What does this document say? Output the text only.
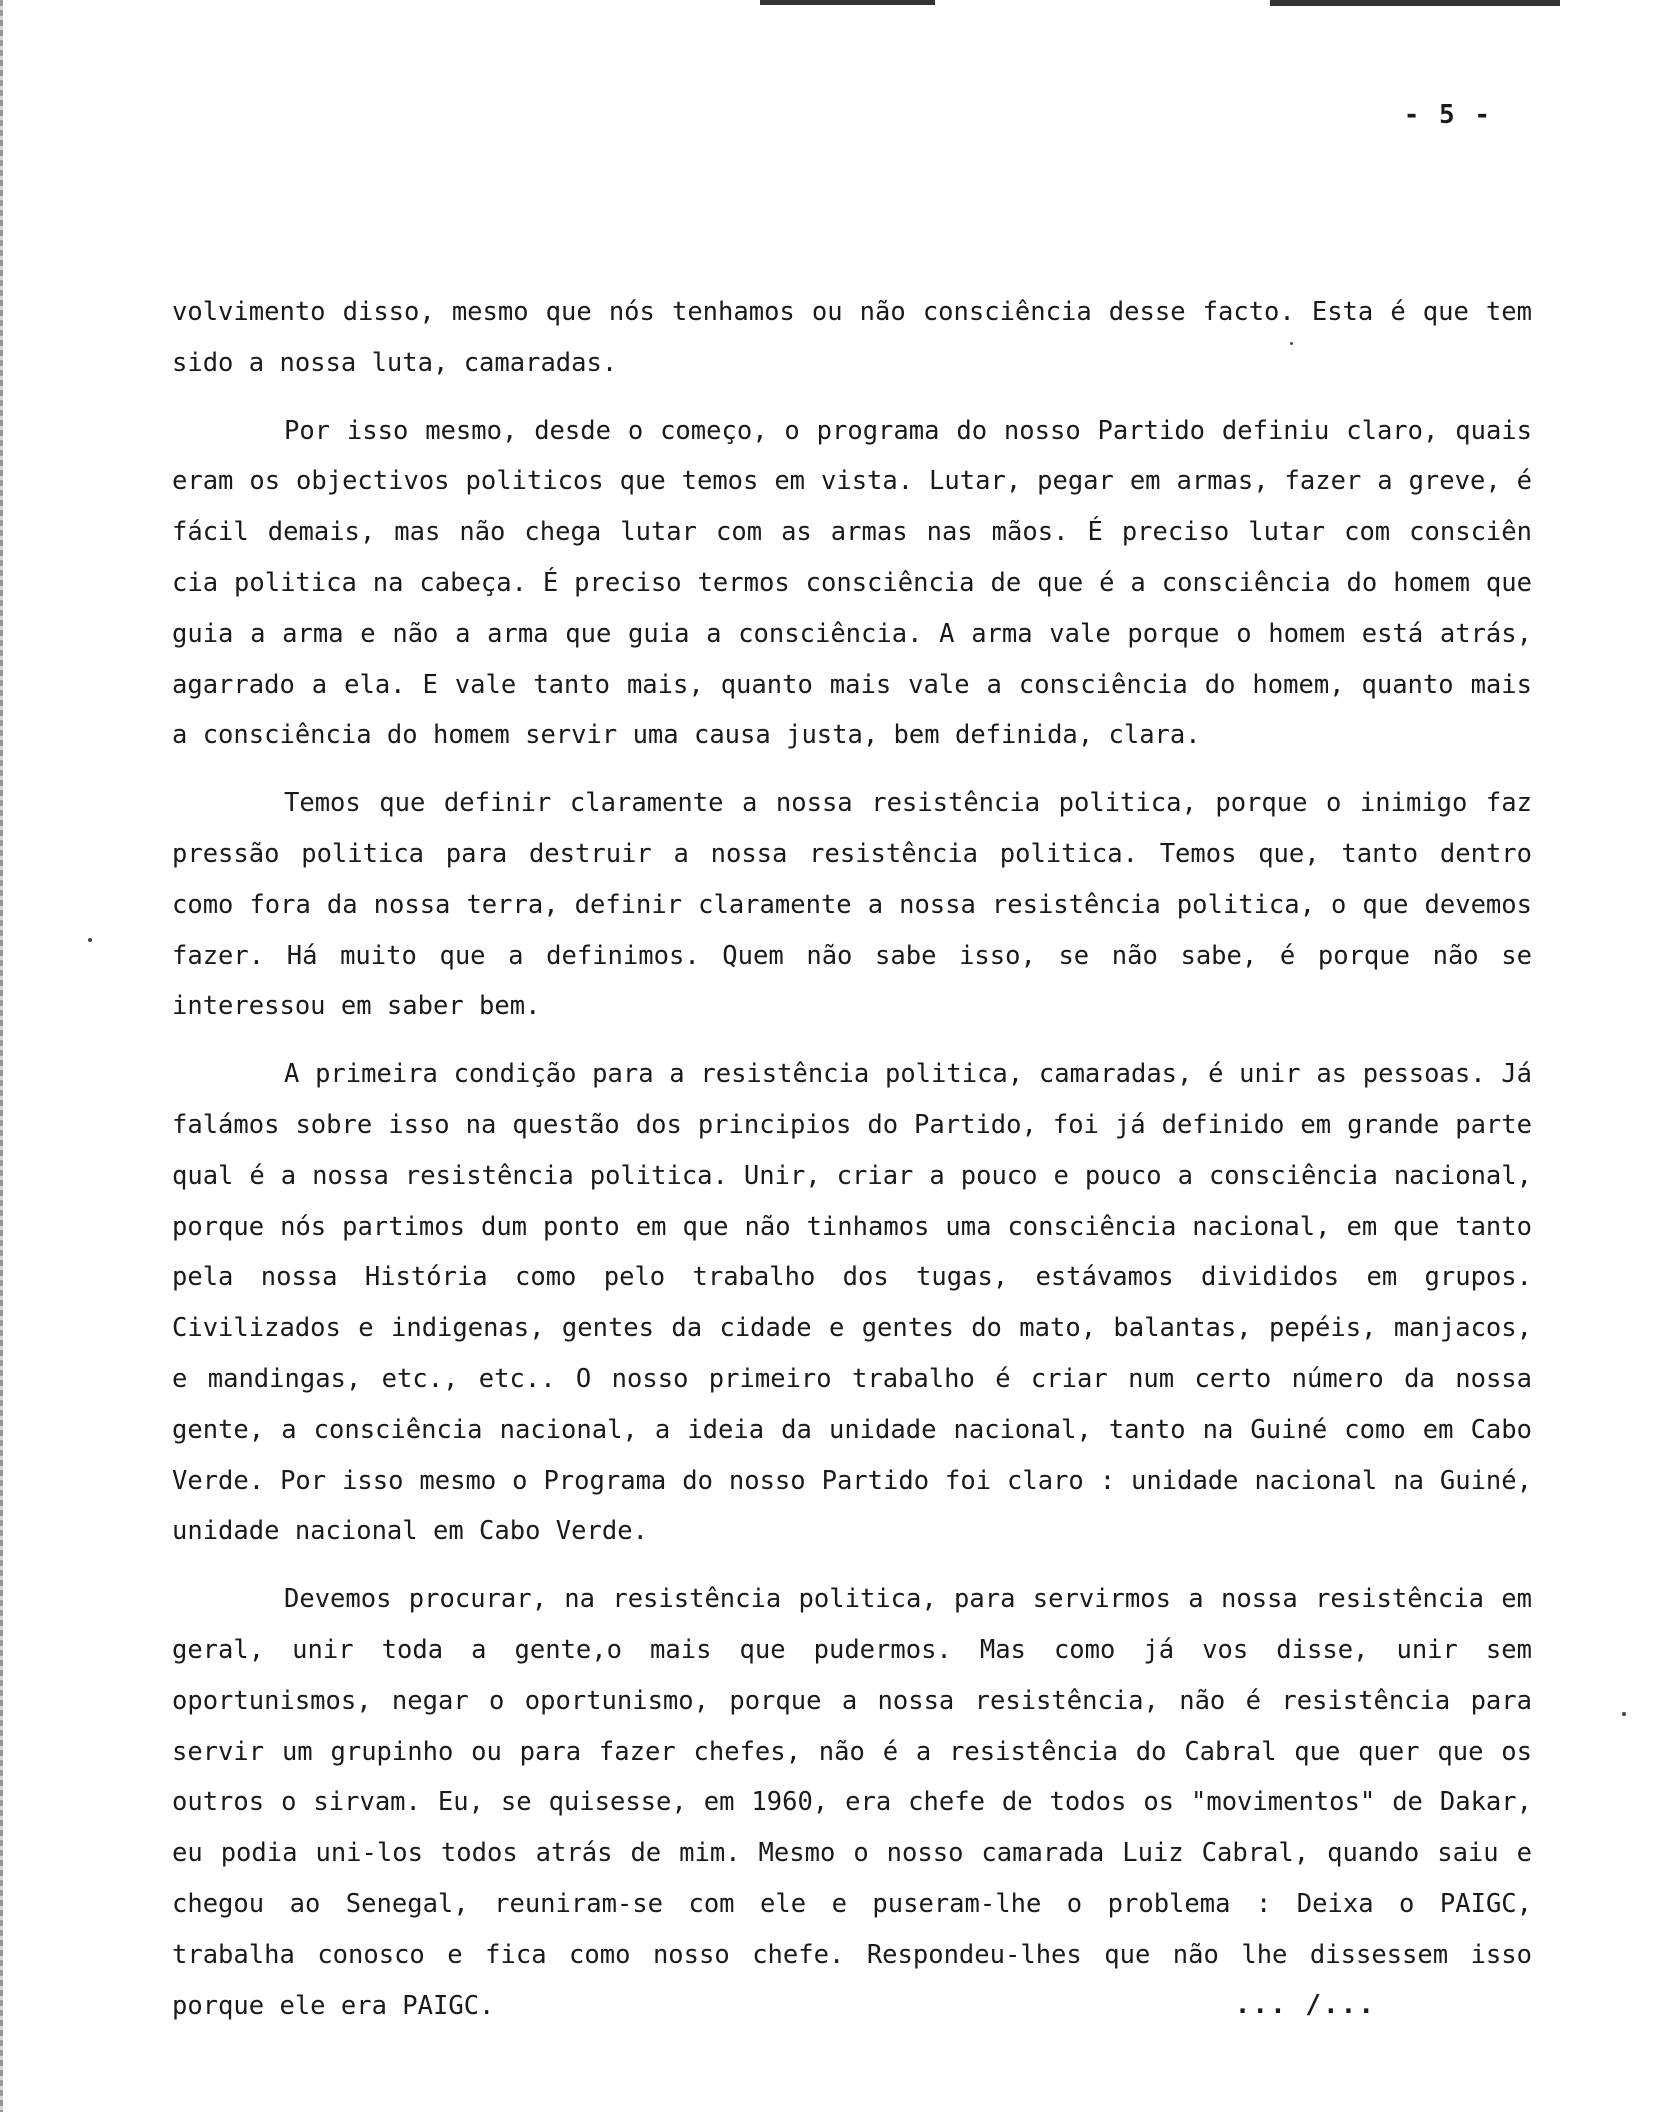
- 5 -

volvimento disso, mesmo que nós tenhamos ou não consciência desse facto. Esta é que tem sido a nossa luta, camaradas.

Por isso mesmo, desde o começo, o programa do nosso Partido definiu claro, quais eram os objectivos politicos que temos em vista. Lutar, pegar em armas, fazer a greve, é fácil demais, mas não chega lutar com as armas nas mãos. É preciso lutar com consciên cia politica na cabeça. É preciso termos consciência de que é a consciência do homem que guia a arma e não a arma que guia a consciência. A arma vale porque o homem está atrás, agarrado a ela. E vale tanto mais, quanto mais vale a consciência do homem, quanto mais a consciência do homem servir uma causa justa, bem definida, clara.

Temos que definir claramente a nossa resistência politica, porque o inimigo faz pressão politica para destruir a nossa resistência politica. Temos que, tanto dentro como fora da nossa terra, definir claramente a nossa resistência politica, o que devemos fazer. Há muito que a definimos. Quem não sabe isso, se não sabe, é porque não se interessou em saber bem.

A primeira condição para a resistência politica, camaradas, é unir as pessoas. Já falámos sobre isso na questão dos principios do Partido, foi já definido em grande parte qual é a nossa resistência politica. Unir, criar a pouco e pouco a consciência nacional, porque nós partimos dum ponto em que não tinhamos uma consciência nacional, em que tanto pela nossa História como pelo trabalho dos tugas, estávamos divididos em grupos. Civilizados e indigenas, gentes da cidade e gentes do mato, balantas, pepéis, manjacos, e mandingas, etc., etc.. O nosso primeiro trabalho é criar num certo número da nossa gente, a consciência nacional, a ideia da unidade nacional, tanto na Guiné como em Cabo Verde. Por isso mesmo o Programa do nosso Partido foi claro : unidade nacional na Guiné, unidade nacional em Cabo Verde.

Devemos procurar, na resistência politica, para servirmos a nossa resistência em geral, unir toda a gente,o mais que pudermos. Mas como já vos disse, unir sem oportunismos, negar o oportunismo, porque a nossa resistência, não é resistência para servir um grupinho ou para fazer chefes, não é a resistência do Cabral que quer que os outros o sirvam. Eu, se quisesse, em 1960, era chefe de todos os "movimentos" de Dakar, eu podia uni-los todos atrás de mim. Mesmo o nosso camarada Luiz Cabral, quando saiu e chegou ao Senegal, reuniram-se com ele e puseram-lhe o problema : Deixa o PAIGC, trabalha conosco e fica como nosso chefe. Respondeu-lhes que não lhe dissessem isso porque ele era PAIGC.	... /...
